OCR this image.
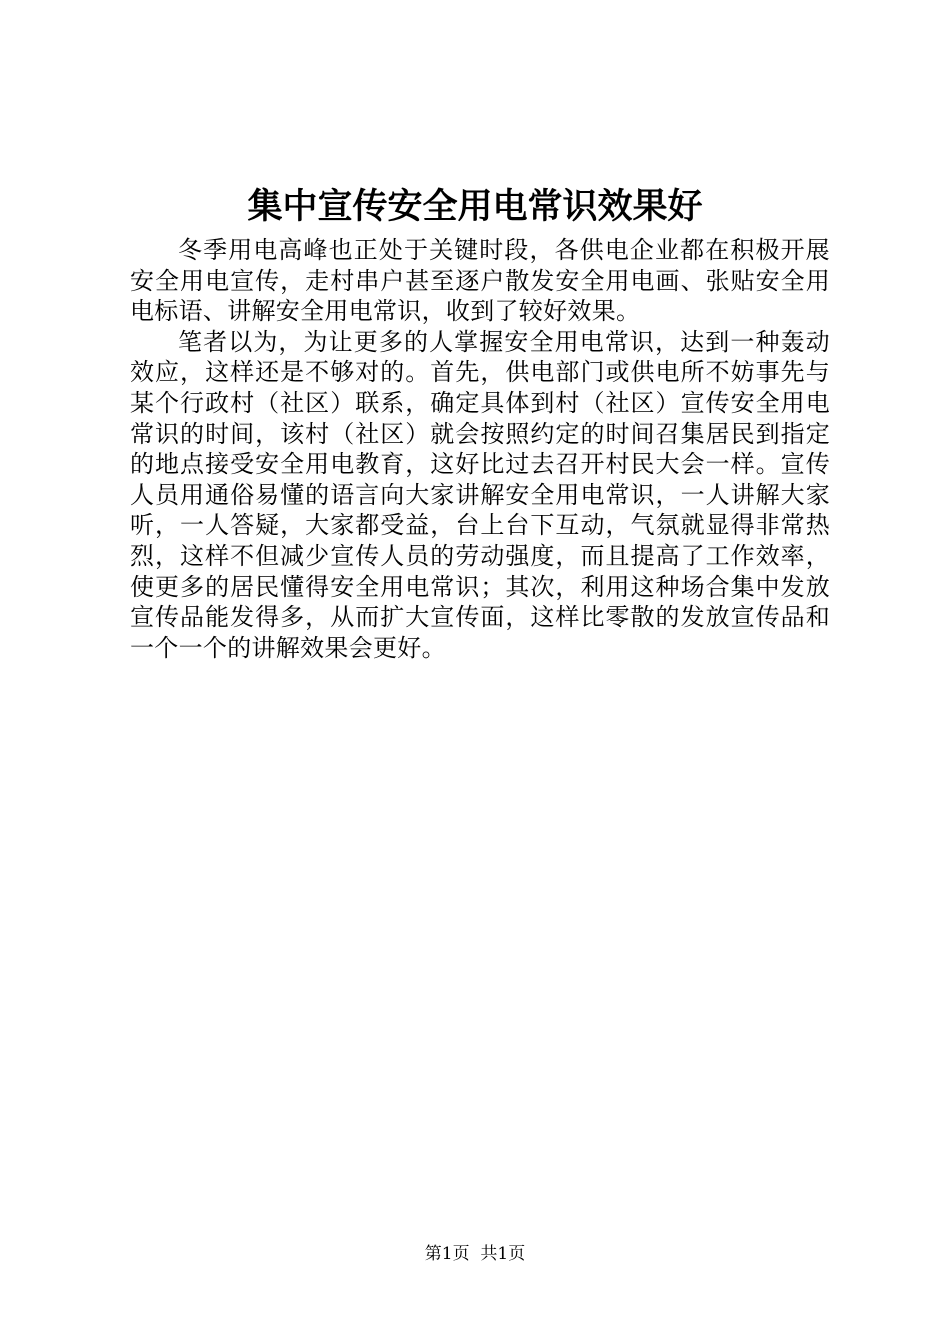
集中宣传安全用电常识效果好

冬季用电高峰也正处于关键时段，各供电企业都在积极开展安全用电宣传，走村串户甚至逐户散发安全用电画、张贴安全用电标语、讲解安全用电常识，收到了较好效果。

笔者以为，为让更多的人掌握安全用电常识，达到一种轰动效应，这样还是不够对的。首先，供电部门或供电所不妨事先与某个行政村（社区）联系，确定具体到村（社区）宣传安全用电常识的时间，该村（社区）就会按照约定的时间召集居民到指定的地点接受安全用电教育，这好比过去召开村民大会一样。宣传人员用通俗易懂的语言向大家讲解安全用电常识，一人讲解大家听，一人答疑，大家都受益，台上台下互动，气氛就显得非常热烈，这样不但减少宣传人员的劳动强度，而且提高了工作效率，使更多的居民懂得安全用电常识；其次，利用这种场合集中发放宣传品能发得多，从而扩大宣传面，这样比零散的发放宣传品和一个一个的讲解效果会更好。

第1页  共1页
